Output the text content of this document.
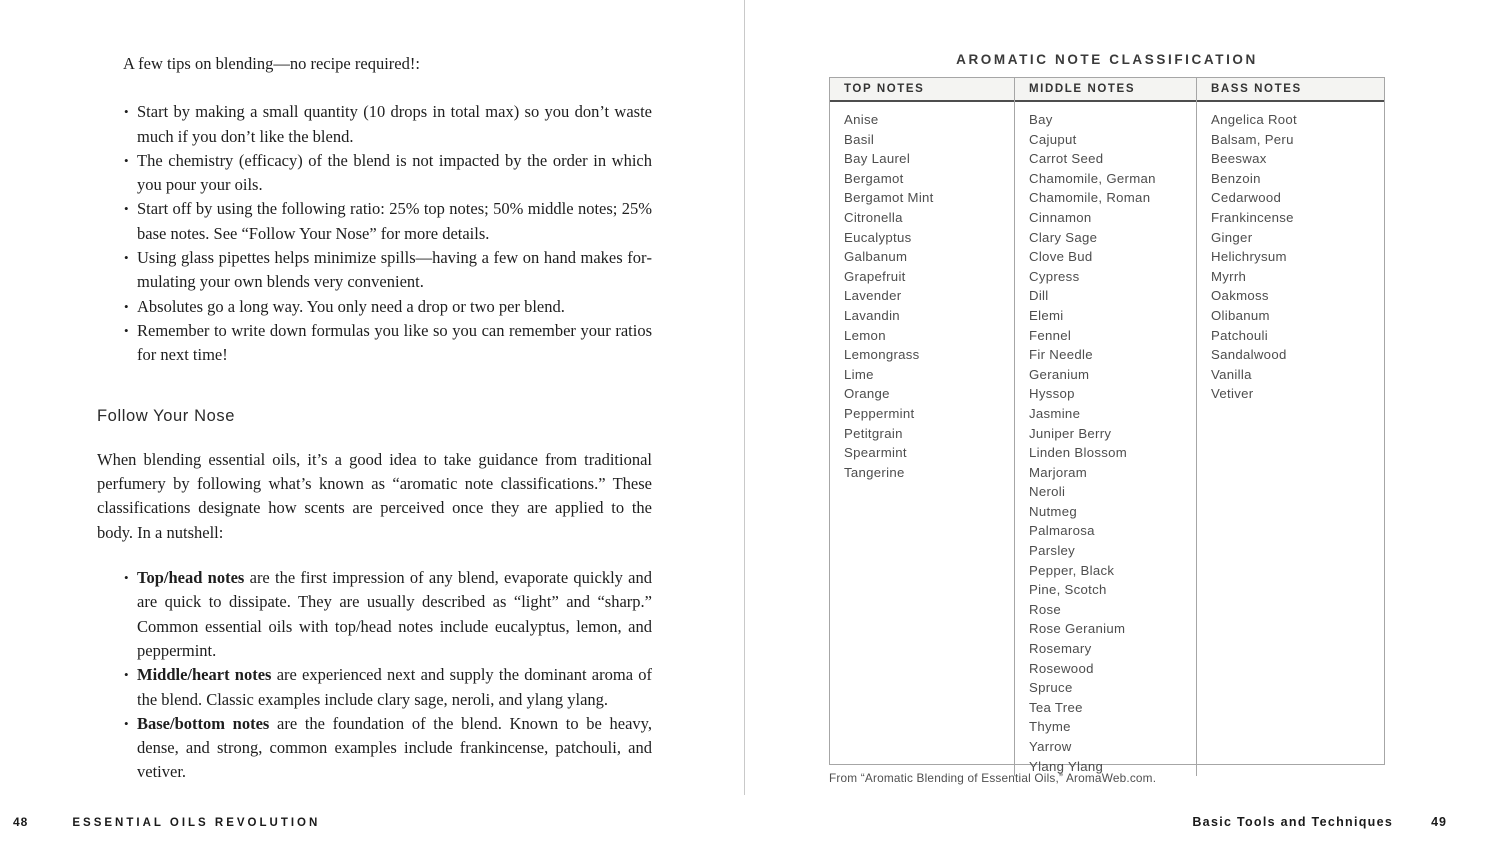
A few tips on blending—no recipe required!:

• Start by making a small quantity (10 drops in total max) so you don’t waste much if you don’t like the blend.
• The chemistry (efficacy) of the blend is not impacted by the order in which you pour your oils.
• Start off by using the following ratio: 25% top notes; 50% middle notes; 25% base notes. See “Follow Your Nose” for more details.
• Using glass pipettes helps minimize spills—having a few on hand makes formulating your own blends very convenient.
• Absolutes go a long way. You only need a drop or two per blend.
• Remember to write down formulas you like so you can remember your ratios for next time!
Follow Your Nose

When blending essential oils, it’s a good idea to take guidance from traditional perfumery by following what’s known as “aromatic note classifications.” These classifications designate how scents are perceived once they are applied to the body. In a nutshell:

• Top/head notes are the first impression of any blend, evaporate quickly and are quick to dissipate. They are usually described as “light” and “sharp.” Common essential oils with top/head notes include eucalyptus, lemon, and peppermint.
• Middle/heart notes are experienced next and supply the dominant aroma of the blend. Classic examples include clary sage, neroli, and ylang ylang.
• Base/bottom notes are the foundation of the blend. Known to be heavy, dense, and strong, common examples include frankincense, patchouli, and vetiver.
48	ESSENTIAL OILS REVOLUTION
AROMATIC NOTE CLASSIFICATION
TOP NOTES
Anise
Basil
Bay Laurel
Bergamot
Bergamot Mint
Citronella
Eucalyptus
Galbanum
Grapefruit
Lavender
Lavandin
Lemon
Lemongrass
Lime
Orange
Peppermint
Petitgrain
Spearmint
Tangerine
MIDDLE NOTES
Bay
Cajuput
Carrot Seed
Chamomile, German
Chamomile, Roman
Cinnamon
Clary Sage
Clove Bud
Cypress
Dill
Elemi
Fennel
Fir Needle
Geranium
Hyssop
Jasmine
Juniper Berry
Linden Blossom
Marjoram
Neroli
Nutmeg
Palmarosa
Parsley
Pepper, Black
Pine, Scotch
Rose
Rose Geranium
Rosemary
Rosewood
Spruce
Tea Tree
Thyme
Yarrow
Ylang Ylang
BASS NOTES
Angelica Root
Balsam, Peru
Beeswax
Benzoin
Cedarwood
Frankincense
Ginger
Helichrysum
Myrrh
Oakmoss
Olibanum
Patchouli
Sandalwood
Vanilla
Vetiver
From “Aromatic Blending of Essential Oils,” AromaWeb.com.
Basic Tools and Techniques	49
